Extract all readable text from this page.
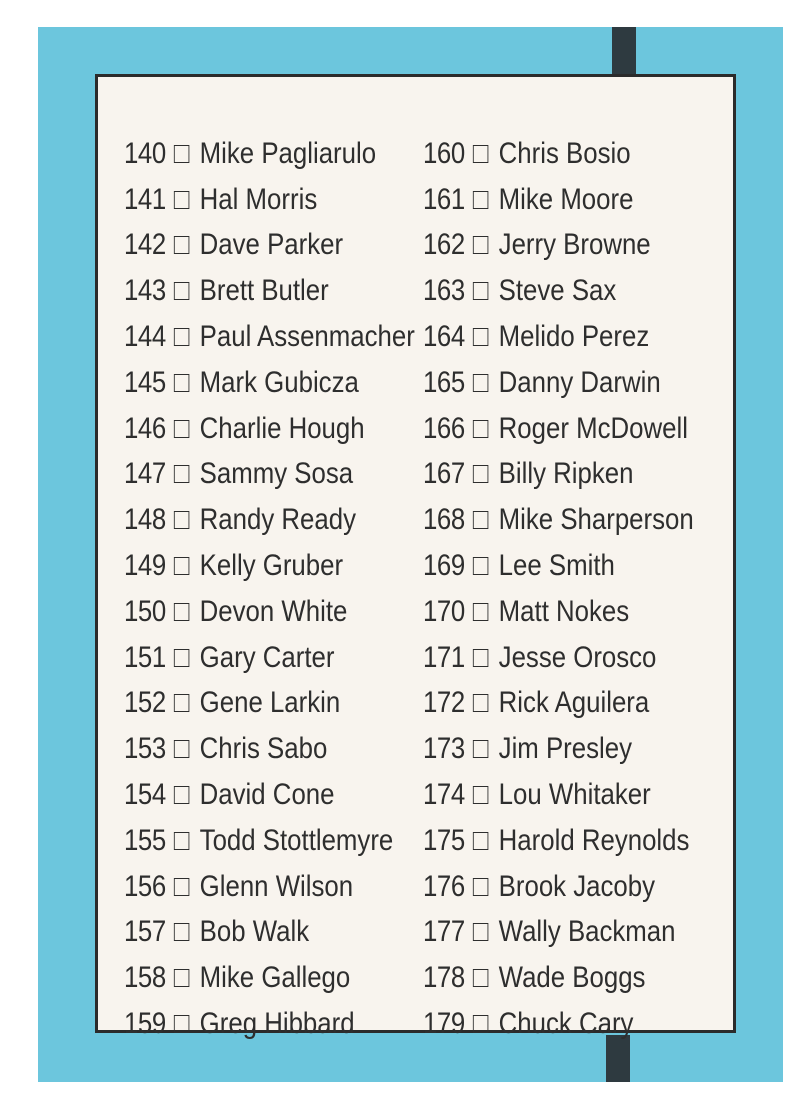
140 Mike Pagliarulo
141 Hal Morris
142 Dave Parker
143 Brett Butler
144 Paul Assenmacher
145 Mark Gubicza
146 Charlie Hough
147 Sammy Sosa
148 Randy Ready
149 Kelly Gruber
150 Devon White
151 Gary Carter
152 Gene Larkin
153 Chris Sabo
154 David Cone
155 Todd Stottlemyre
156 Glenn Wilson
157 Bob Walk
158 Mike Gallego
159 Greg Hibbard
160 Chris Bosio
161 Mike Moore
162 Jerry Browne
163 Steve Sax
164 Melido Perez
165 Danny Darwin
166 Roger McDowell
167 Billy Ripken
168 Mike Sharperson
169 Lee Smith
170 Matt Nokes
171 Jesse Orosco
172 Rick Aguilera
173 Jim Presley
174 Lou Whitaker
175 Harold Reynolds
176 Brook Jacoby
177 Wally Backman
178 Wade Boggs
179 Chuck Cary
